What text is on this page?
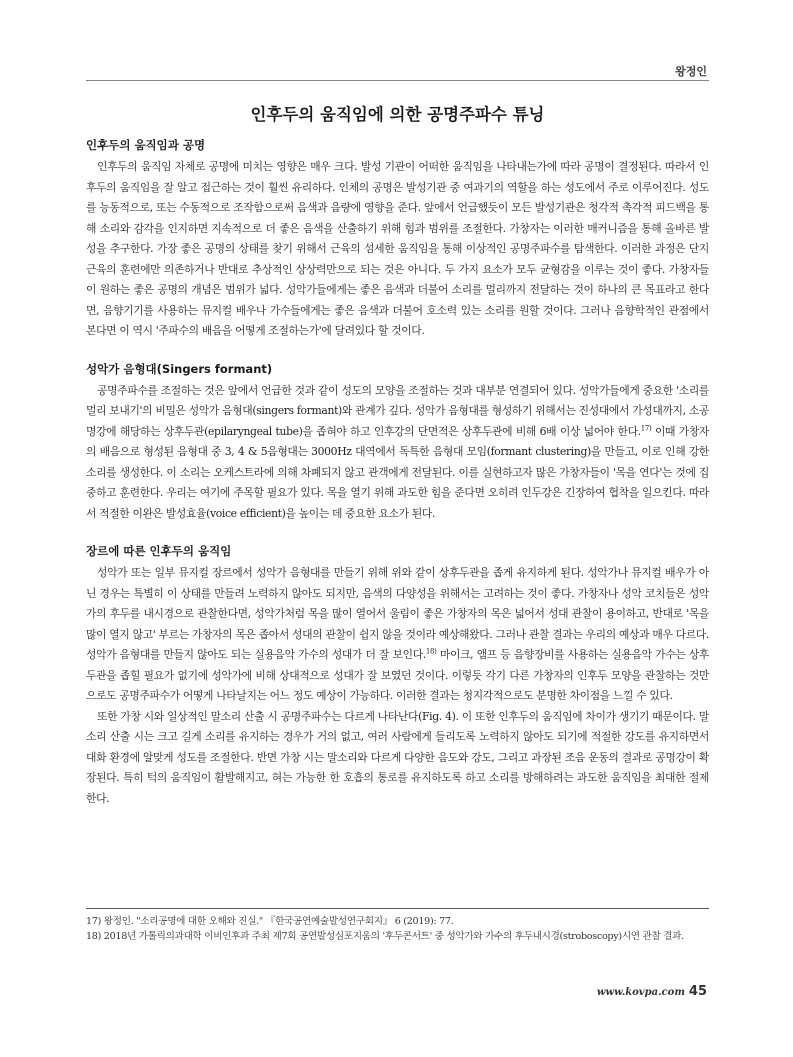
왕정인
인후두의 움직임에 의한 공명주파수 튜닝
인후두의 움직임과 공명

인후두의 움직임 자체로 공명에 미치는 영향은 매우 크다. 발성 기관이 어떠한 움직임을 나타내는가에 따라 공명이 결정된다. 따라서 인후두의 움직임을 잘 알고 접근하는 것이 훨씬 유리하다. 인체의 공명은 발성기관 중 여과기의 역할을 하는 성도에서 주로 이루어진다. 성도를 능동적으로, 또는 수동적으로 조작함으로써 음색과 음량에 영향을 준다. 앞에서 언급했듯이 모든 발성기관은 청각적 촉각적 피드백을 통해 소리와 감각을 인지하면 지속적으로 더 좋은 음색을 산출하기 위해 힘과 범위를 조절한다. 가창자는 이러한 매커니즘을 통해 올바른 발성을 추구한다. 가장 좋은 공명의 상태를 찾기 위해서 근육의 섬세한 움직임을 통해 이상적인 공명주파수를 탐색한다. 이러한 과정은 단지 근육의 훈련에만 의존하거나 반대로 추상적인 상상력만으로 되는 것은 아니다. 두 가지 요소가 모두 균형감을 이루는 것이 좋다. 가창자들이 원하는 좋은 공명의 개념은 범위가 넓다. 성악가들에게는 좋은 음색과 더불어 소리를 멀리까지 전달하는 것이 하나의 큰 목표라고 한다면, 음향기기를 사용하는 뮤지컬 배우나 가수들에게는 좋은 음색과 더불어 호소력 있는 소리를 원할 것이다. 그러나 음향학적인 관점에서 본다면 이 역시 '주파수의 배음을 어떻게 조절하는가'에 달려있다 할 것이다.

성악가 음형대(Singers formant)

공명주파수를 조절하는 것은 앞에서 언급한 것과 같이 성도의 모양을 조절하는 것과 대부분 연결되어 있다. 성악가들에게 중요한 '소리를 멀리 보내기'의 비밀은 성악가 음형대(singers formant)와 관계가 깊다. 성악가 음형대를 형성하기 위해서는 진성대에서 가성대까지, 소공명강에 해당하는 상후두관(epilaryngeal tube)을 좁혀야 하고 인후강의 단면적은 상후두관에 비해 6배 이상 넓어야 한다.$^{17)}$ 이때 가창자의 배음으로 형성된 음형대 중 3, 4 & 5음형대는 3000Hz 대역에서 독특한 음형대 모임(formant clustering)을 만들고, 이로 인해 강한 소리를 생성한다. 이 소리는 오케스트라에 의해 차폐되지 않고 관객에게 전달된다. 이를 실현하고자 많은 가창자들이 '목을 연다'는 것에 집중하고 훈련한다. 우리는 여기에 주목할 필요가 있다. 목을 열기 위해 과도한 힘을 준다면 오히려 인두강은 긴장하여 협착을 일으킨다. 따라서 적절한 이완은 발성효율(voice efficient)을 높이는 데 중요한 요소가 된다.

장르에 따른 인후두의 움직임

성악가 또는 일부 뮤지컬 장르에서 성악가 음형대를 만들기 위해 위와 같이 상후두관을 좁게 유지하게 된다. 성악가나 뮤지컬 배우가 아닌 경우는 특별히 이 상태를 만들려 노력하지 않아도 되지만, 음색의 다양성을 위해서는 고려하는 것이 좋다. 가창자나 성악 코치들은 성악가의 후두를 내시경으로 관찰한다면, 성악가처럼 목을 많이 열어서 울림이 좋은 가창자의 목은 넓어서 성대 관찰이 용이하고, 반대로 '목을 많이 열지 않고' 부르는 가창자의 목은 좁아서 성대의 관찰이 쉽지 않을 것이라 예상해왔다. 그러나 관찰 결과는 우리의 예상과 매우 다르다. 성악가 음형대를 만들지 않아도 되는 실용음악 가수의 성대가 더 잘 보인다.$^{18)}$ 마이크, 앰프 등 음향장비를 사용하는 실용음악 가수는 상후두관을 좁힐 필요가 없기에 성악가에 비해 상대적으로 성대가 잘 보였던 것이다. 이렇듯 각기 다른 가창자의 인후두 모양을 관찰하는 것만으로도 공명주파수가 어떻게 나타날지는 어느 정도 예상이 가능하다. 이러한 결과는 청지각적으로도 분명한 차이점을 느낄 수 있다.

또한 가창 시와 일상적인 말소리 산출 시 공명주파수는 다르게 나타난다(Fig. 4). 이 또한 인후두의 움직임에 차이가 생기기 때문이다. 말소리 산출 시는 크고 길게 소리를 유지하는 경우가 거의 없고, 여러 사람에게 들리도록 노력하지 않아도 되기에 적절한 강도를 유지하면서 대화 환경에 알맞게 성도를 조절한다. 반면 가창 시는 말소리와 다르게 다양한 음도와 강도, 그리고 과장된 조음 운동의 결과로 공명강이 확장된다. 특히 턱의 움직임이 활발해지고, 혀는 가능한 한 호흡의 통로를 유지하도록 하고 소리를 방해하려는 과도한 움직임을 최대한 절제한다.

17) 왕정인. "소리공명에 대한 오해와 진실." 『한국공연예술발성연구회지』 6 (2019): 77.

18) 2018년 가톨릭의과대학 이비인후과 주최 제7회 공연발성심포지움의 '후두콘서트' 중 성악가와 가수의 후두내시경(stroboscopy)시연 관찰 결과.

www.kovpa.com 45
